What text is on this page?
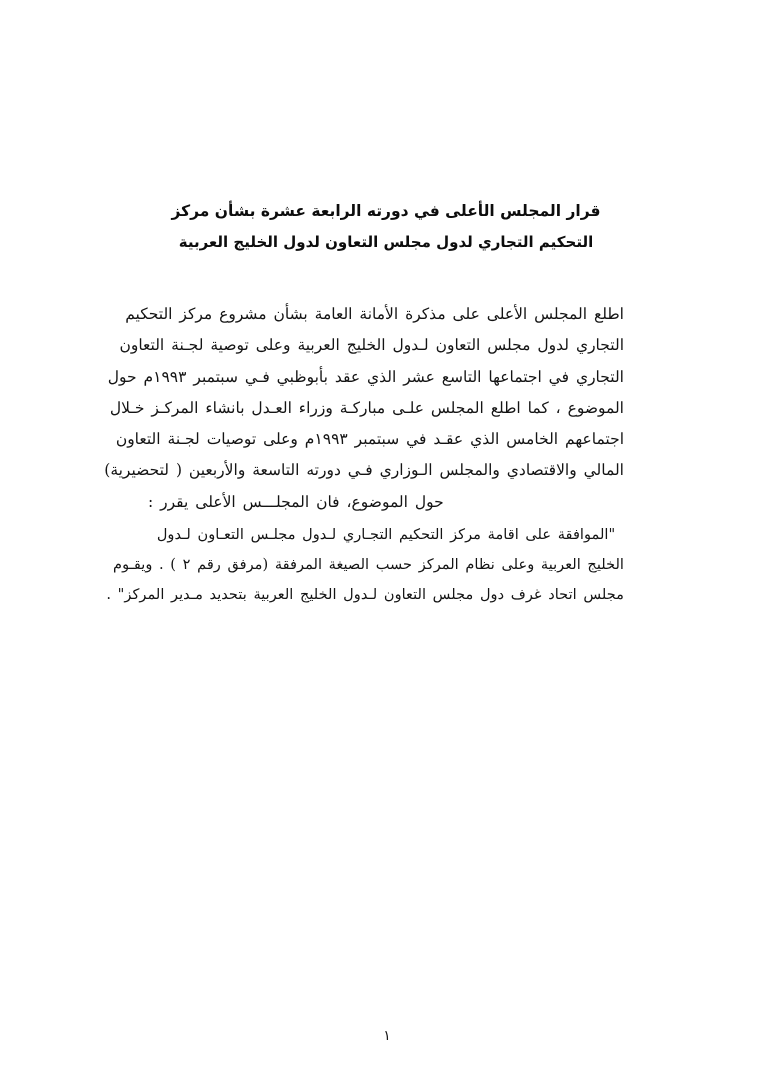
قرار المجلس الأعلى في دورته الرابعة عشرة بشأن مركز
التحكيم التجاري لدول مجلس التعاون لدول الخليج العربية
اطلع المجلس الأعلى على مذكرة الأمانة العامة بشأن مشروع مركز التحكيم
التجاري لدول مجلس التعاون لـدول الخليج العربية وعلى توصية لجـنة التعاون
التجاري في اجتماعها التاسع عشر الذي عقد بأبوظبي فـي سبتمبر ١٩٩٣م حول
الموضوع ، كما اطلع المجلس علـى مباركـة وزراء العـدل بانشاء المركـز خـلال
اجتماعهم الخامس الذي عقـد في سبتمبر ١٩٩٣م وعلى توصيات لجـنة التعاون
المالي والاقتصادي والمجلس الـوزاري فـي دورته التاسعة والأربعين ( لتحضيرية)
حول الموضوع، فان المجلـــس الأعلى يقرر :
"الموافقة على اقامة مركز التحكيم التجـاري لـدول مجلـس التعـاون لـدول
الخليج العربية وعلى نظام المركز حسب الصيغة المرفقة (مرفق رقم ٢ ) . ويقـوم
مجلس اتحاد غرف دول مجلس التعاون لـدول الخليج العربية بتحديد مـدير المركز" .
١
